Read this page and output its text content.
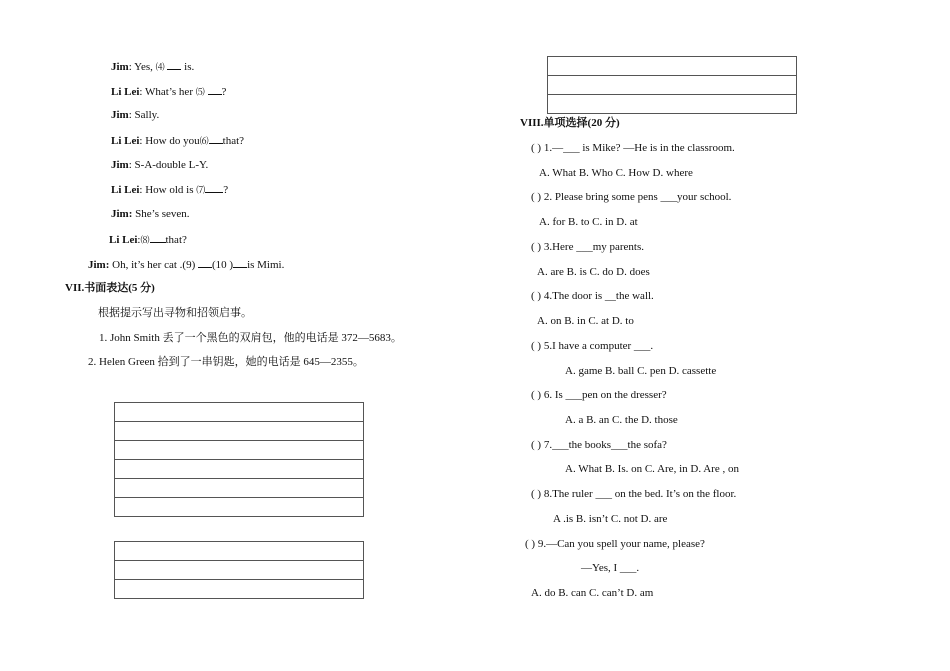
Jim: Yes, ⑷  is.
Li Lei: What’s her ⑸ ?
Jim: Sally.
Li Lei: How do you⑹ that?
Jim: S-A-double L-Y.
Li Lei: How old is ⑺ ?
Jim: She’s seven.
Li Lei:⑻ that?
Jim: Oh, it’s her cat .(9) (10 ) is Mimi.
VII.书面表达(5 分)
根据提示写出寻物和招领启事。
1. John Smith 丢了一个黑色的双肩包，他的电话是 372—5683。
2. Helen Green 拾到了一串钥匙，她的电话是 645—2355。
VIII.单项选择(20 分)
( ) 1.—___ is Mike? —He is in the classroom.
A. What B. Who C. How D. where
( ) 2. Please bring some pens ___your school.
A. for B. to C. in D. at
( ) 3.Here ___my parents.
A. are B. is C. do D. does
( ) 4.The door is __the wall.
A. on B. in C. at D. to
( ) 5.I have a computer ___.
A. game B. ball C. pen D. cassette
( ) 6. Is ___pen on the dresser?
A. a B. an C. the D. those
( ) 7.___the books___the sofa?
A. What B. Is. on C. Are, in D. Are , on
( ) 8.The ruler ___ on the bed. It’s on the floor.
A .is B. isn’t C. not D. are
( ) 9.—Can you spell your name, please?
—Yes, I ___.
A. do B. can C. can’t D. am
